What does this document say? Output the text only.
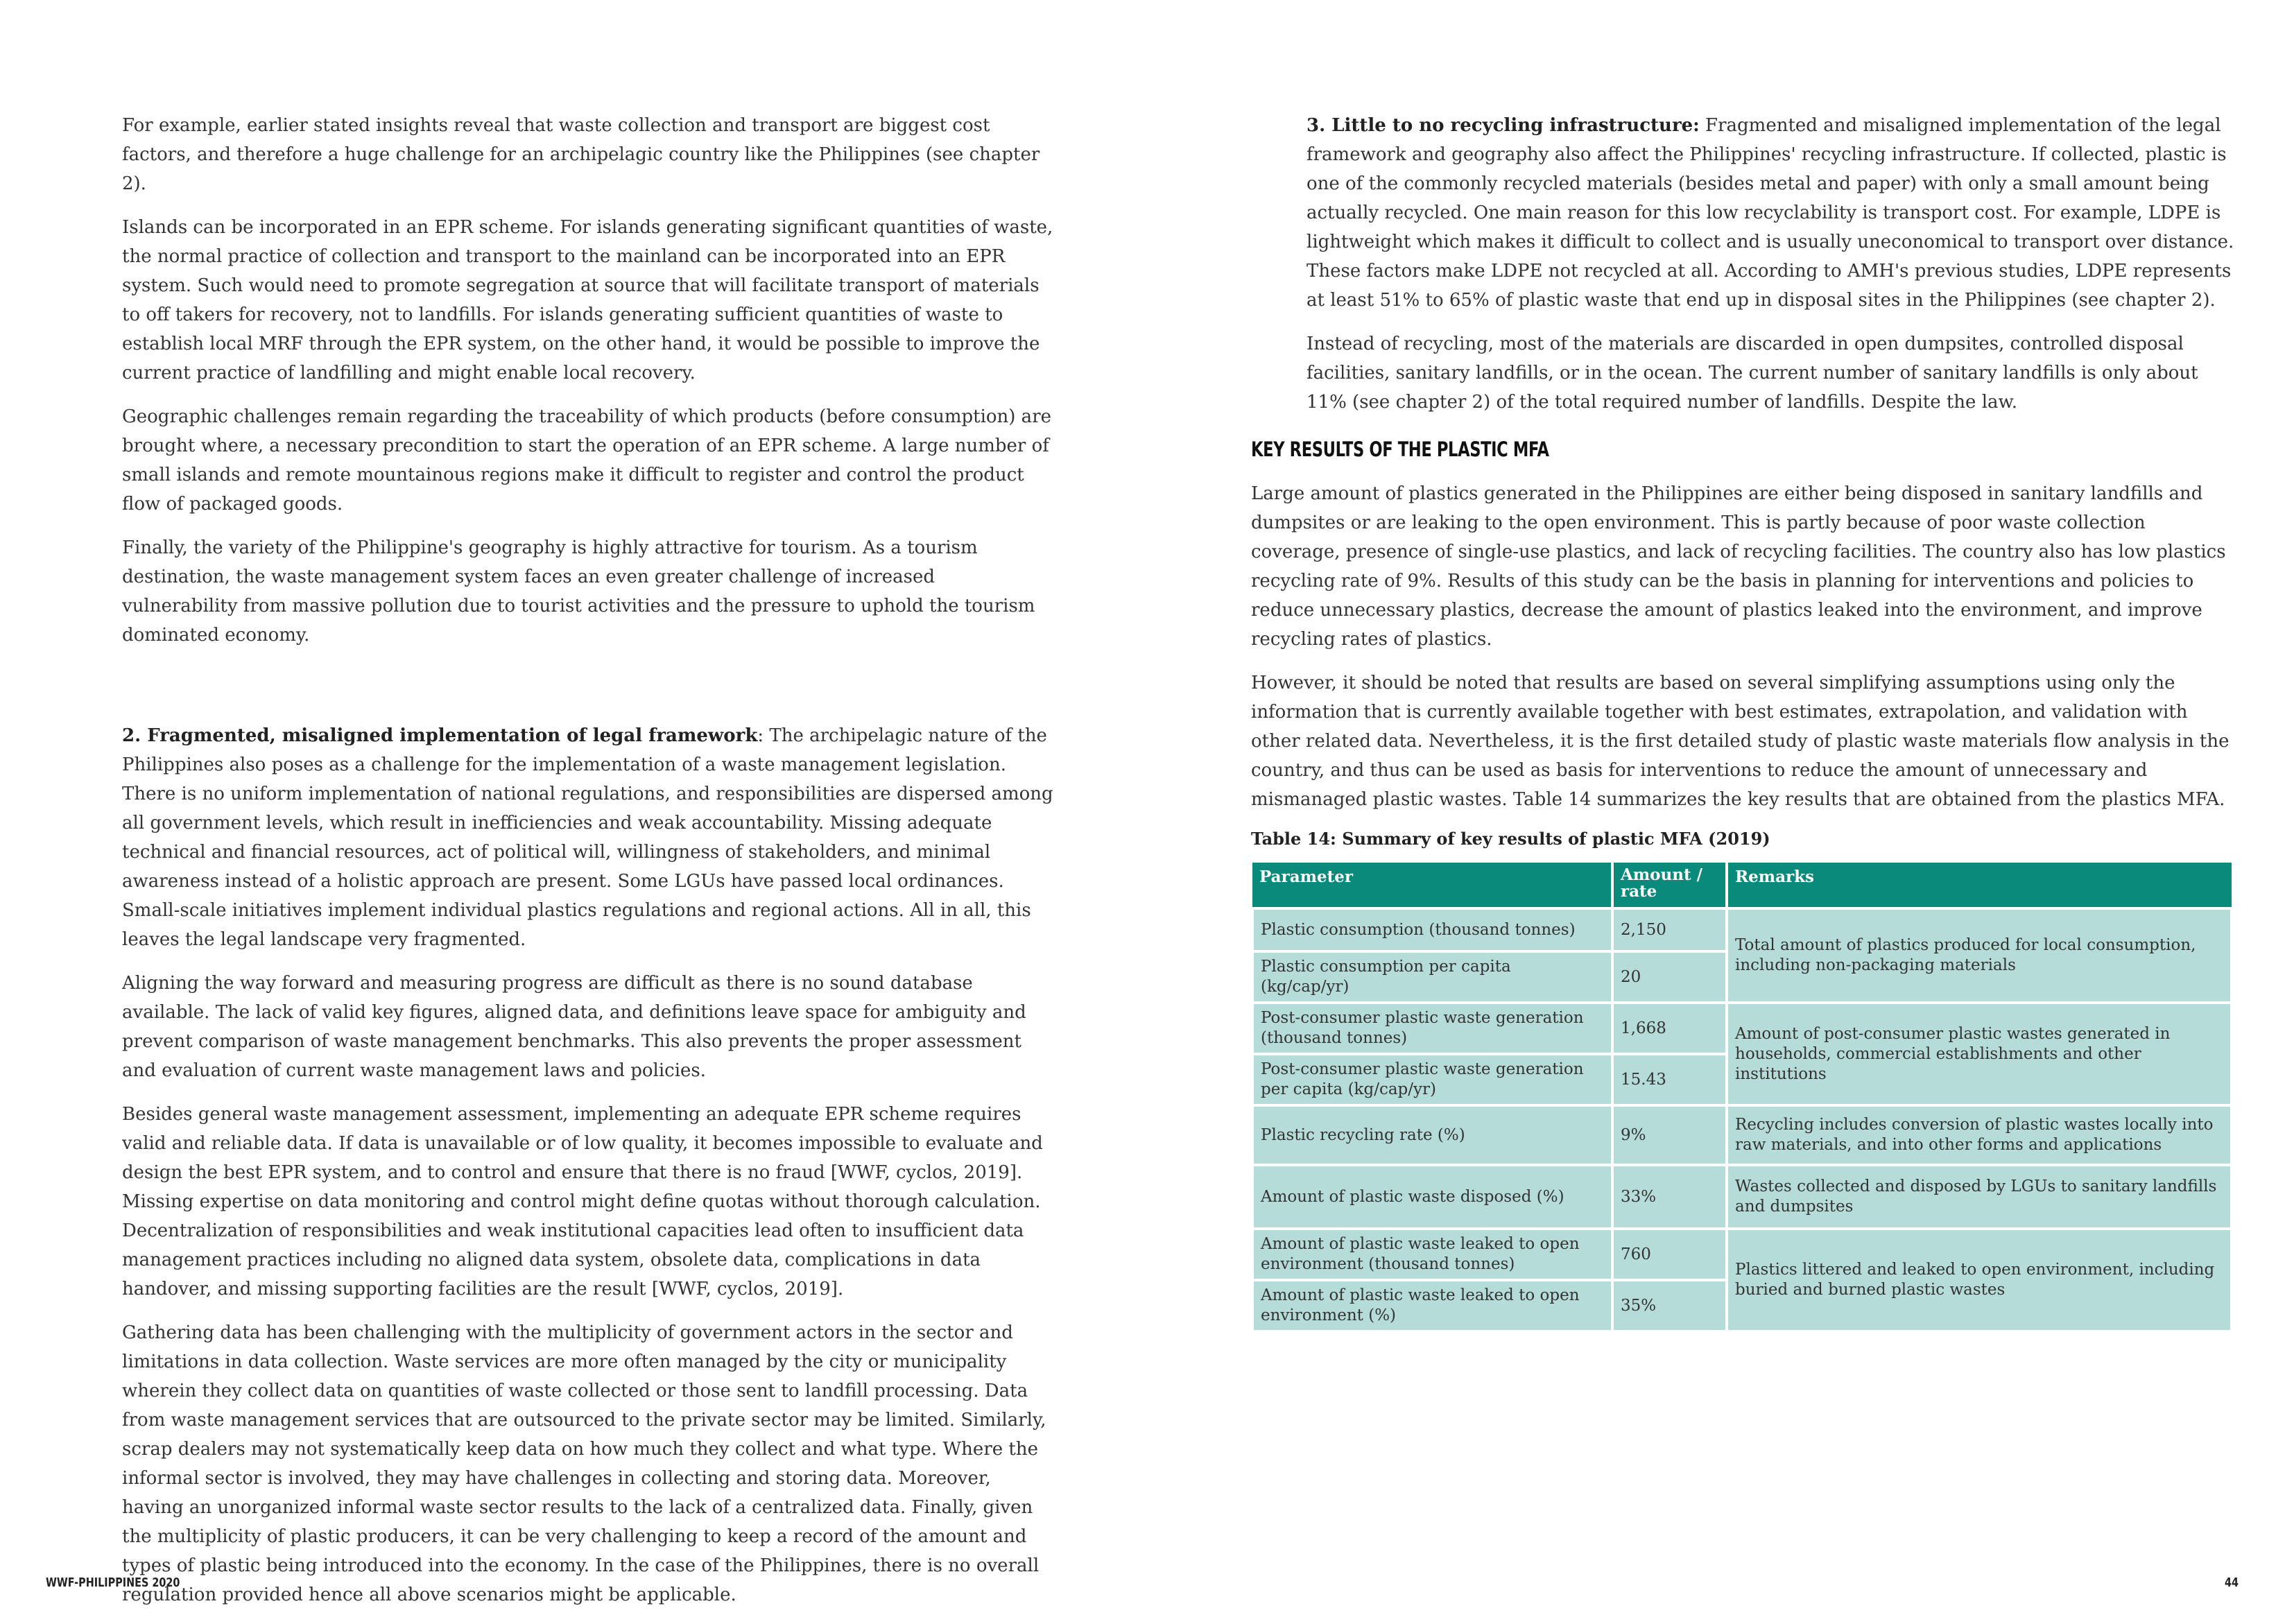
For example, earlier stated insights reveal that waste collection and transport are biggest cost factors, and therefore a huge challenge for an archipelagic country like the Philippines (see chapter 2).

Islands can be incorporated in an EPR scheme. For islands generating significant quantities of waste, the normal practice of collection and transport to the mainland can be incorporated into an EPR system. Such would need to promote segregation at source that will facilitate transport of materials to off takers for recovery, not to landfills. For islands generating sufficient quantities of waste to establish local MRF through the EPR system, on the other hand, it would be possible to improve the current practice of landfilling and might enable local recovery.

Geographic challenges remain regarding the traceability of which products (before consumption) are brought where, a necessary precondition to start the operation of an EPR scheme. A large number of small islands and remote mountainous regions make it difficult to register and control the product flow of packaged goods.

Finally, the variety of the Philippine's geography is highly attractive for tourism. As a tourism destination, the waste management system faces an even greater challenge of increased vulnerability from massive pollution due to tourist activities and the pressure to uphold the tourism dominated economy.

2. Fragmented, misaligned implementation of legal framework: The archipelagic nature of the Philippines also poses as a challenge for the implementation of a waste management legislation. There is no uniform implementation of national regulations, and responsibilities are dispersed among all government levels, which result in inefficiencies and weak accountability. Missing adequate technical and financial resources, act of political will, willingness of stakeholders, and minimal awareness instead of a holistic approach are present. Some LGUs have passed local ordinances. Small-scale initiatives implement individual plastics regulations and regional actions. All in all, this leaves the legal landscape very fragmented.

Aligning the way forward and measuring progress are difficult as there is no sound database available. The lack of valid key figures, aligned data, and definitions leave space for ambiguity and prevent comparison of waste management benchmarks. This also prevents the proper assessment and evaluation of current waste management laws and policies.

Besides general waste management assessment, implementing an adequate EPR scheme requires valid and reliable data. If data is unavailable or of low quality, it becomes impossible to evaluate and design the best EPR system, and to control and ensure that there is no fraud [WWF, cyclos, 2019]. Missing expertise on data monitoring and control might define quotas without thorough calculation. Decentralization of responsibilities and weak institutional capacities lead often to insufficient data management practices including no aligned data system, obsolete data, complications in data handover, and missing supporting facilities are the result [WWF, cyclos, 2019].

Gathering data has been challenging with the multiplicity of government actors in the sector and limitations in data collection. Waste services are more often managed by the city or municipality wherein they collect data on quantities of waste collected or those sent to landfill processing. Data from waste management services that are outsourced to the private sector may be limited. Similarly, scrap dealers may not systematically keep data on how much they collect and what type. Where the informal sector is involved, they may have challenges in collecting and storing data. Moreover, having an unorganized informal waste sector results to the lack of a centralized data. Finally, given the multiplicity of plastic producers, it can be very challenging to keep a record of the amount and types of plastic being introduced into the economy. In the case of the Philippines, there is no overall regulation provided hence all above scenarios might be applicable.

3. Little to no recycling infrastructure: Fragmented and misaligned implementation of the legal framework and geography also affect the Philippines' recycling infrastructure. If collected, plastic is one of the commonly recycled materials (besides metal and paper) with only a small amount being actually recycled. One main reason for this low recyclability is transport cost. For example, LDPE is lightweight which makes it difficult to collect and is usually uneconomical to transport over distance. These factors make LDPE not recycled at all. According to AMH's previous studies, LDPE represents at least 51% to 65% of plastic waste that end up in disposal sites in the Philippines (see chapter 2).

Instead of recycling, most of the materials are discarded in open dumpsites, controlled disposal facilities, sanitary landfills, or in the ocean. The current number of sanitary landfills is only about 11% (see chapter 2) of the total required number of landfills. Despite the law.

KEY RESULTS OF THE PLASTIC MFA

Large amount of plastics generated in the Philippines are either being disposed in sanitary landfills and dumpsites or are leaking to the open environment. This is partly because of poor waste collection coverage, presence of single-use plastics, and lack of recycling facilities. The country also has low plastics recycling rate of 9%. Results of this study can be the basis in planning for interventions and policies to reduce unnecessary plastics, decrease the amount of plastics leaked into the environment, and improve recycling rates of plastics.

However, it should be noted that results are based on several simplifying assumptions using only the information that is currently available together with best estimates, extrapolation, and validation with other related data. Nevertheless, it is the first detailed study of plastic waste materials flow analysis in the country, and thus can be used as basis for interventions to reduce the amount of unnecessary and mismanaged plastic wastes. Table 14 summarizes the key results that are obtained from the plastics MFA.

Table 14: Summary of key results of plastic MFA (2019)
Parameter	Amount / rate	Remarks
Plastic consumption (thousand tonnes)	2,150	Total amount of plastics produced for local consumption, including non-packaging materials
Plastic consumption per capita (kg/cap/yr)	20	
Post-consumer plastic waste generation (thousand tonnes)	1,668	Amount of post-consumer plastic wastes generated in households, commercial establishments and other institutions
Post-consumer plastic waste generation per capita (kg/cap/yr)	15.43	
Plastic recycling rate (%)	9%	Recycling includes conversion of plastic wastes locally into raw materials, and into other forms and applications
Amount of plastic waste disposed (%)	33%	Wastes collected and disposed by LGUs to sanitary landfills and dumpsites
Amount of plastic waste leaked to open environment (thousand tonnes)	760	Plastics littered and leaked to open environment, including buried and burned plastic wastes
Amount of plastic waste leaked to open environment (%)	35%	
WWF-PHILIPPINES 2020	44
